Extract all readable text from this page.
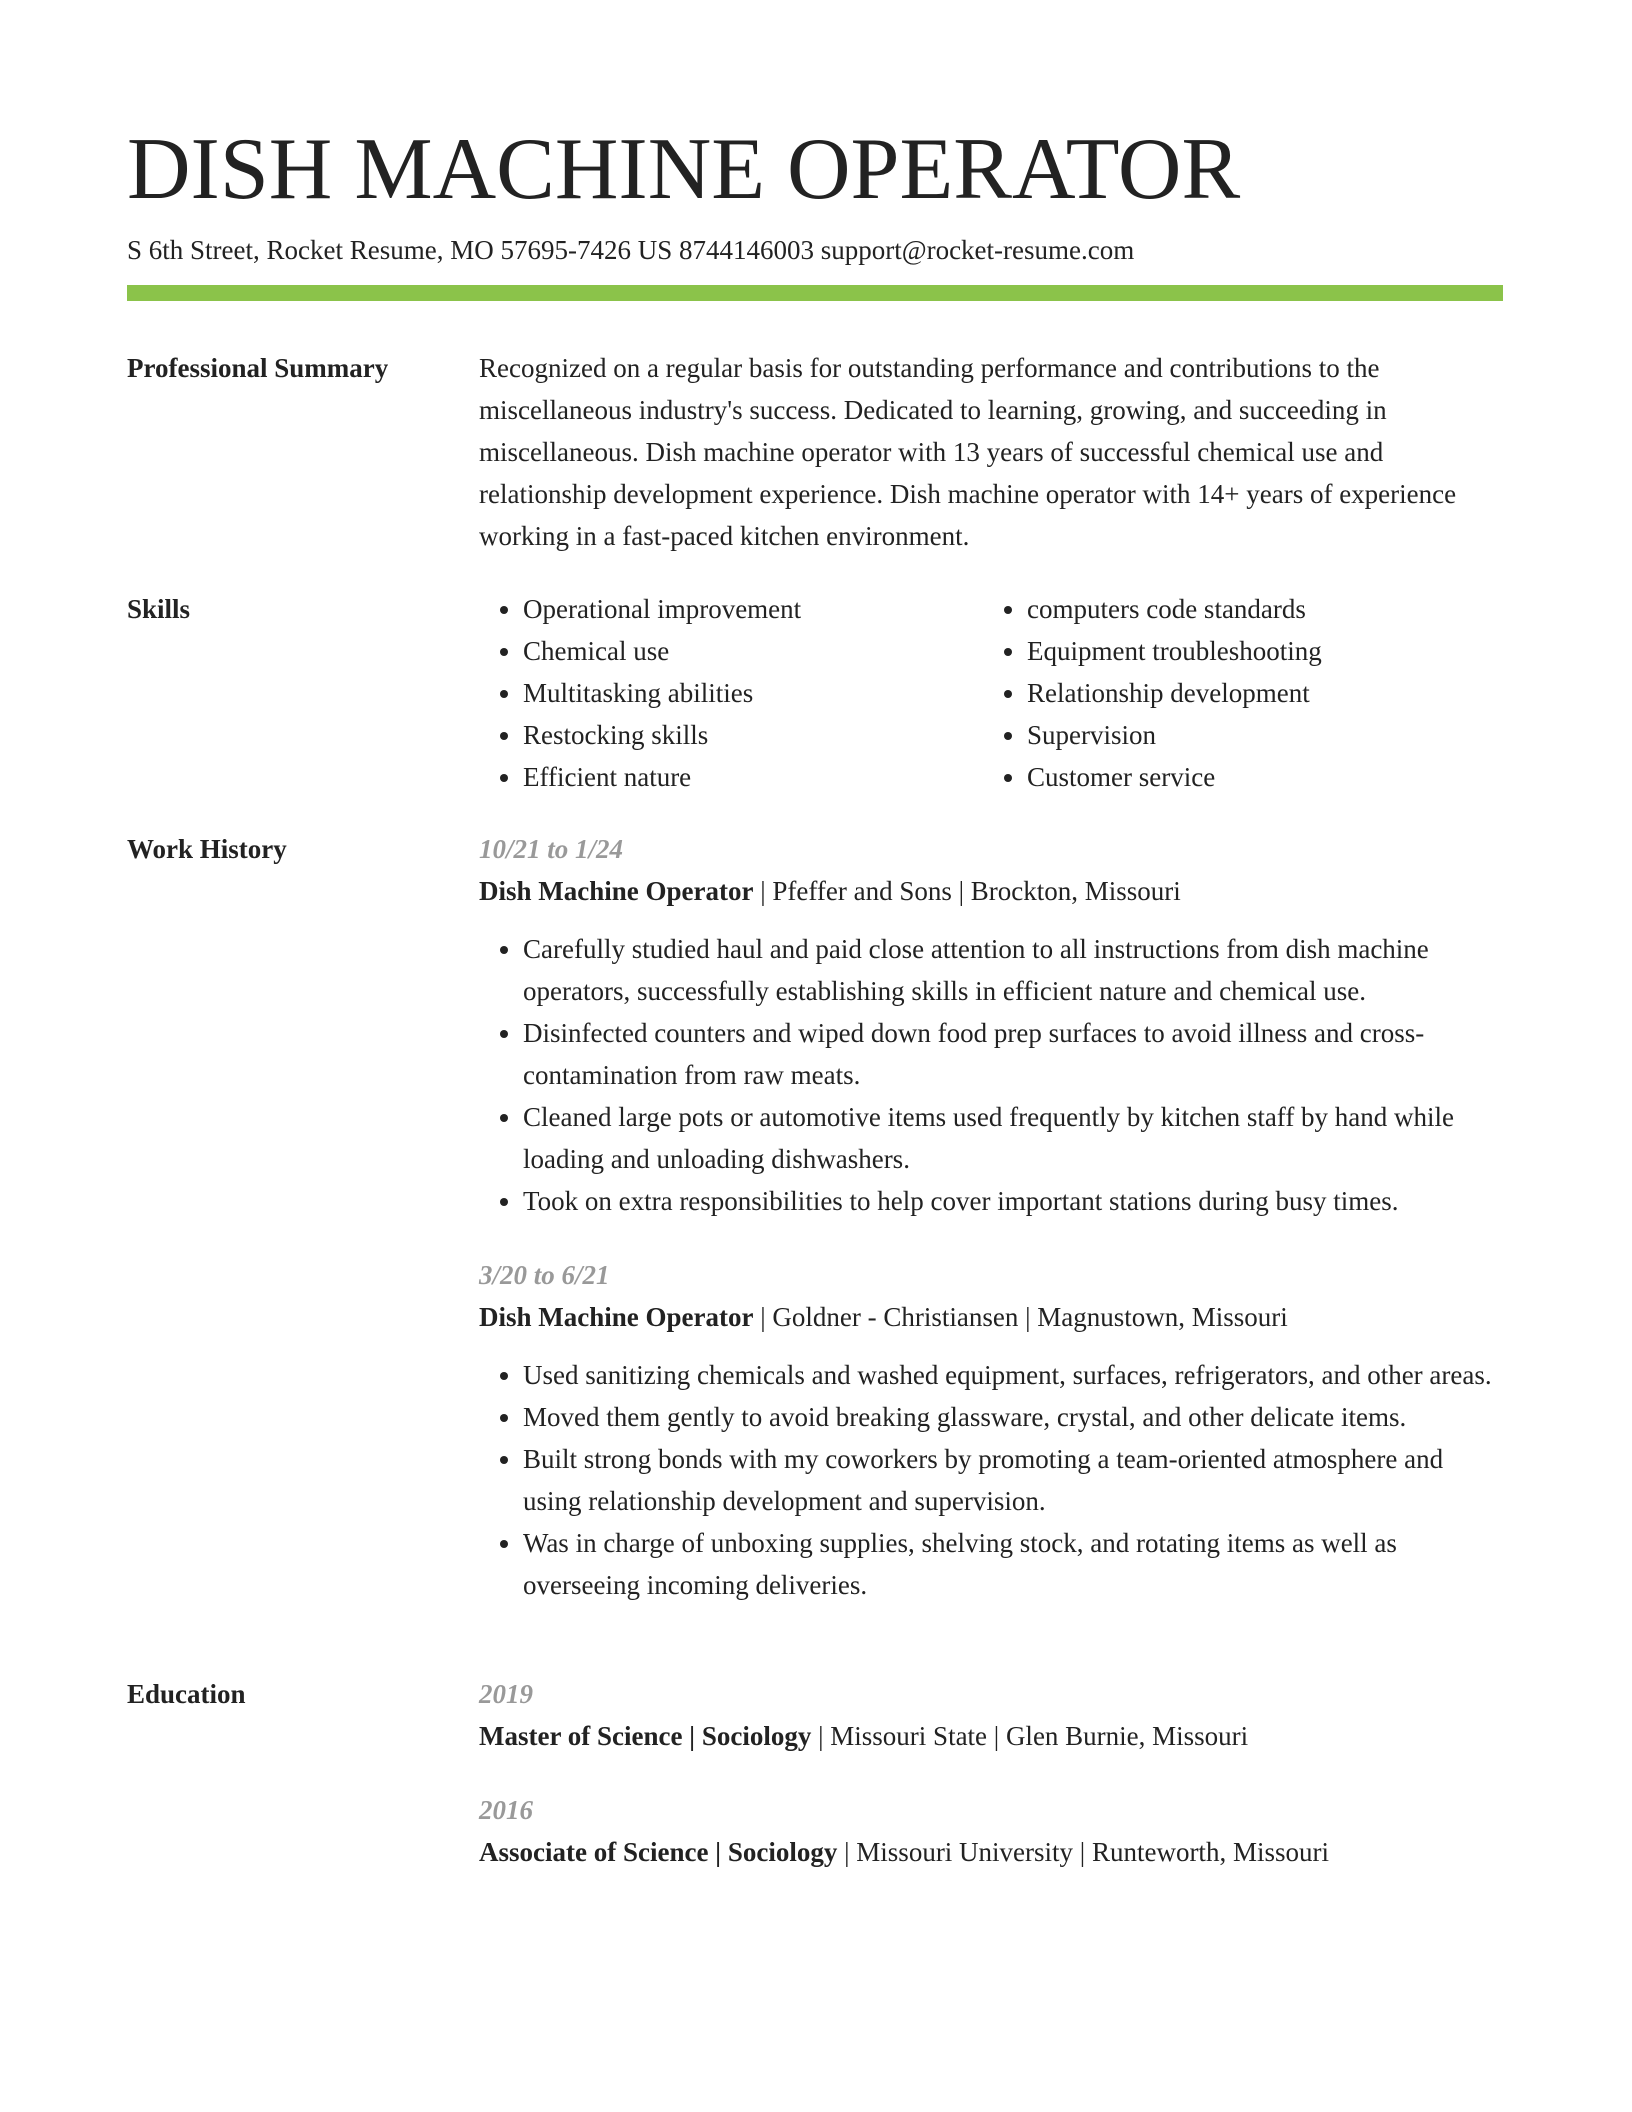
DISH MACHINE OPERATOR
S 6th Street, Rocket Resume, MO 57695-7426 US 8744146003 support@rocket-resume.com
Professional Summary	Recognized on a regular basis for outstanding performance and contributions to the miscellaneous industry's success. Dedicated to learning, growing, and succeeding in miscellaneous. Dish machine operator with 13 years of successful chemical use and relationship development experience. Dish machine operator with 14+ years of experience working in a fast-paced kitchen environment.

Skills
•	Operational improvement
• Chemical use
• Multitasking abilities
• Restocking skills
• Efficient nature
• computers code standards
• Equipment troubleshooting
• Relationship development
• Supervision
• Customer service
Work History	10/21 to 1/24
Dish Machine Operator | Pfeffer and Sons | Brockton, Missouri
• Carefully studied haul and paid close attention to all instructions from dish machine operators, successfully establishing skills in efficient nature and chemical use.
• Disinfected counters and wiped down food prep surfaces to avoid illness and cross-contamination from raw meats.
• Cleaned large pots or automotive items used frequently by kitchen staff by hand while loading and unloading dishwashers.
• Took on extra responsibilities to help cover important stations during busy times.
3/20 to 6/21
Dish Machine Operator | Goldner - Christiansen | Magnustown, Missouri
• Used sanitizing chemicals and washed equipment, surfaces, refrigerators, and other areas.
• Moved them gently to avoid breaking glassware, crystal, and other delicate items.
• Built strong bonds with my coworkers by promoting a team-oriented atmosphere and using relationship development and supervision.
• Was in charge of unboxing supplies, shelving stock, and rotating items as well as overseeing incoming deliveries.
Education	2019
Master of Science | Sociology | Missouri State | Glen Burnie, Missouri
2016
Associate of Science | Sociology | Missouri University | Runteworth, Missouri
